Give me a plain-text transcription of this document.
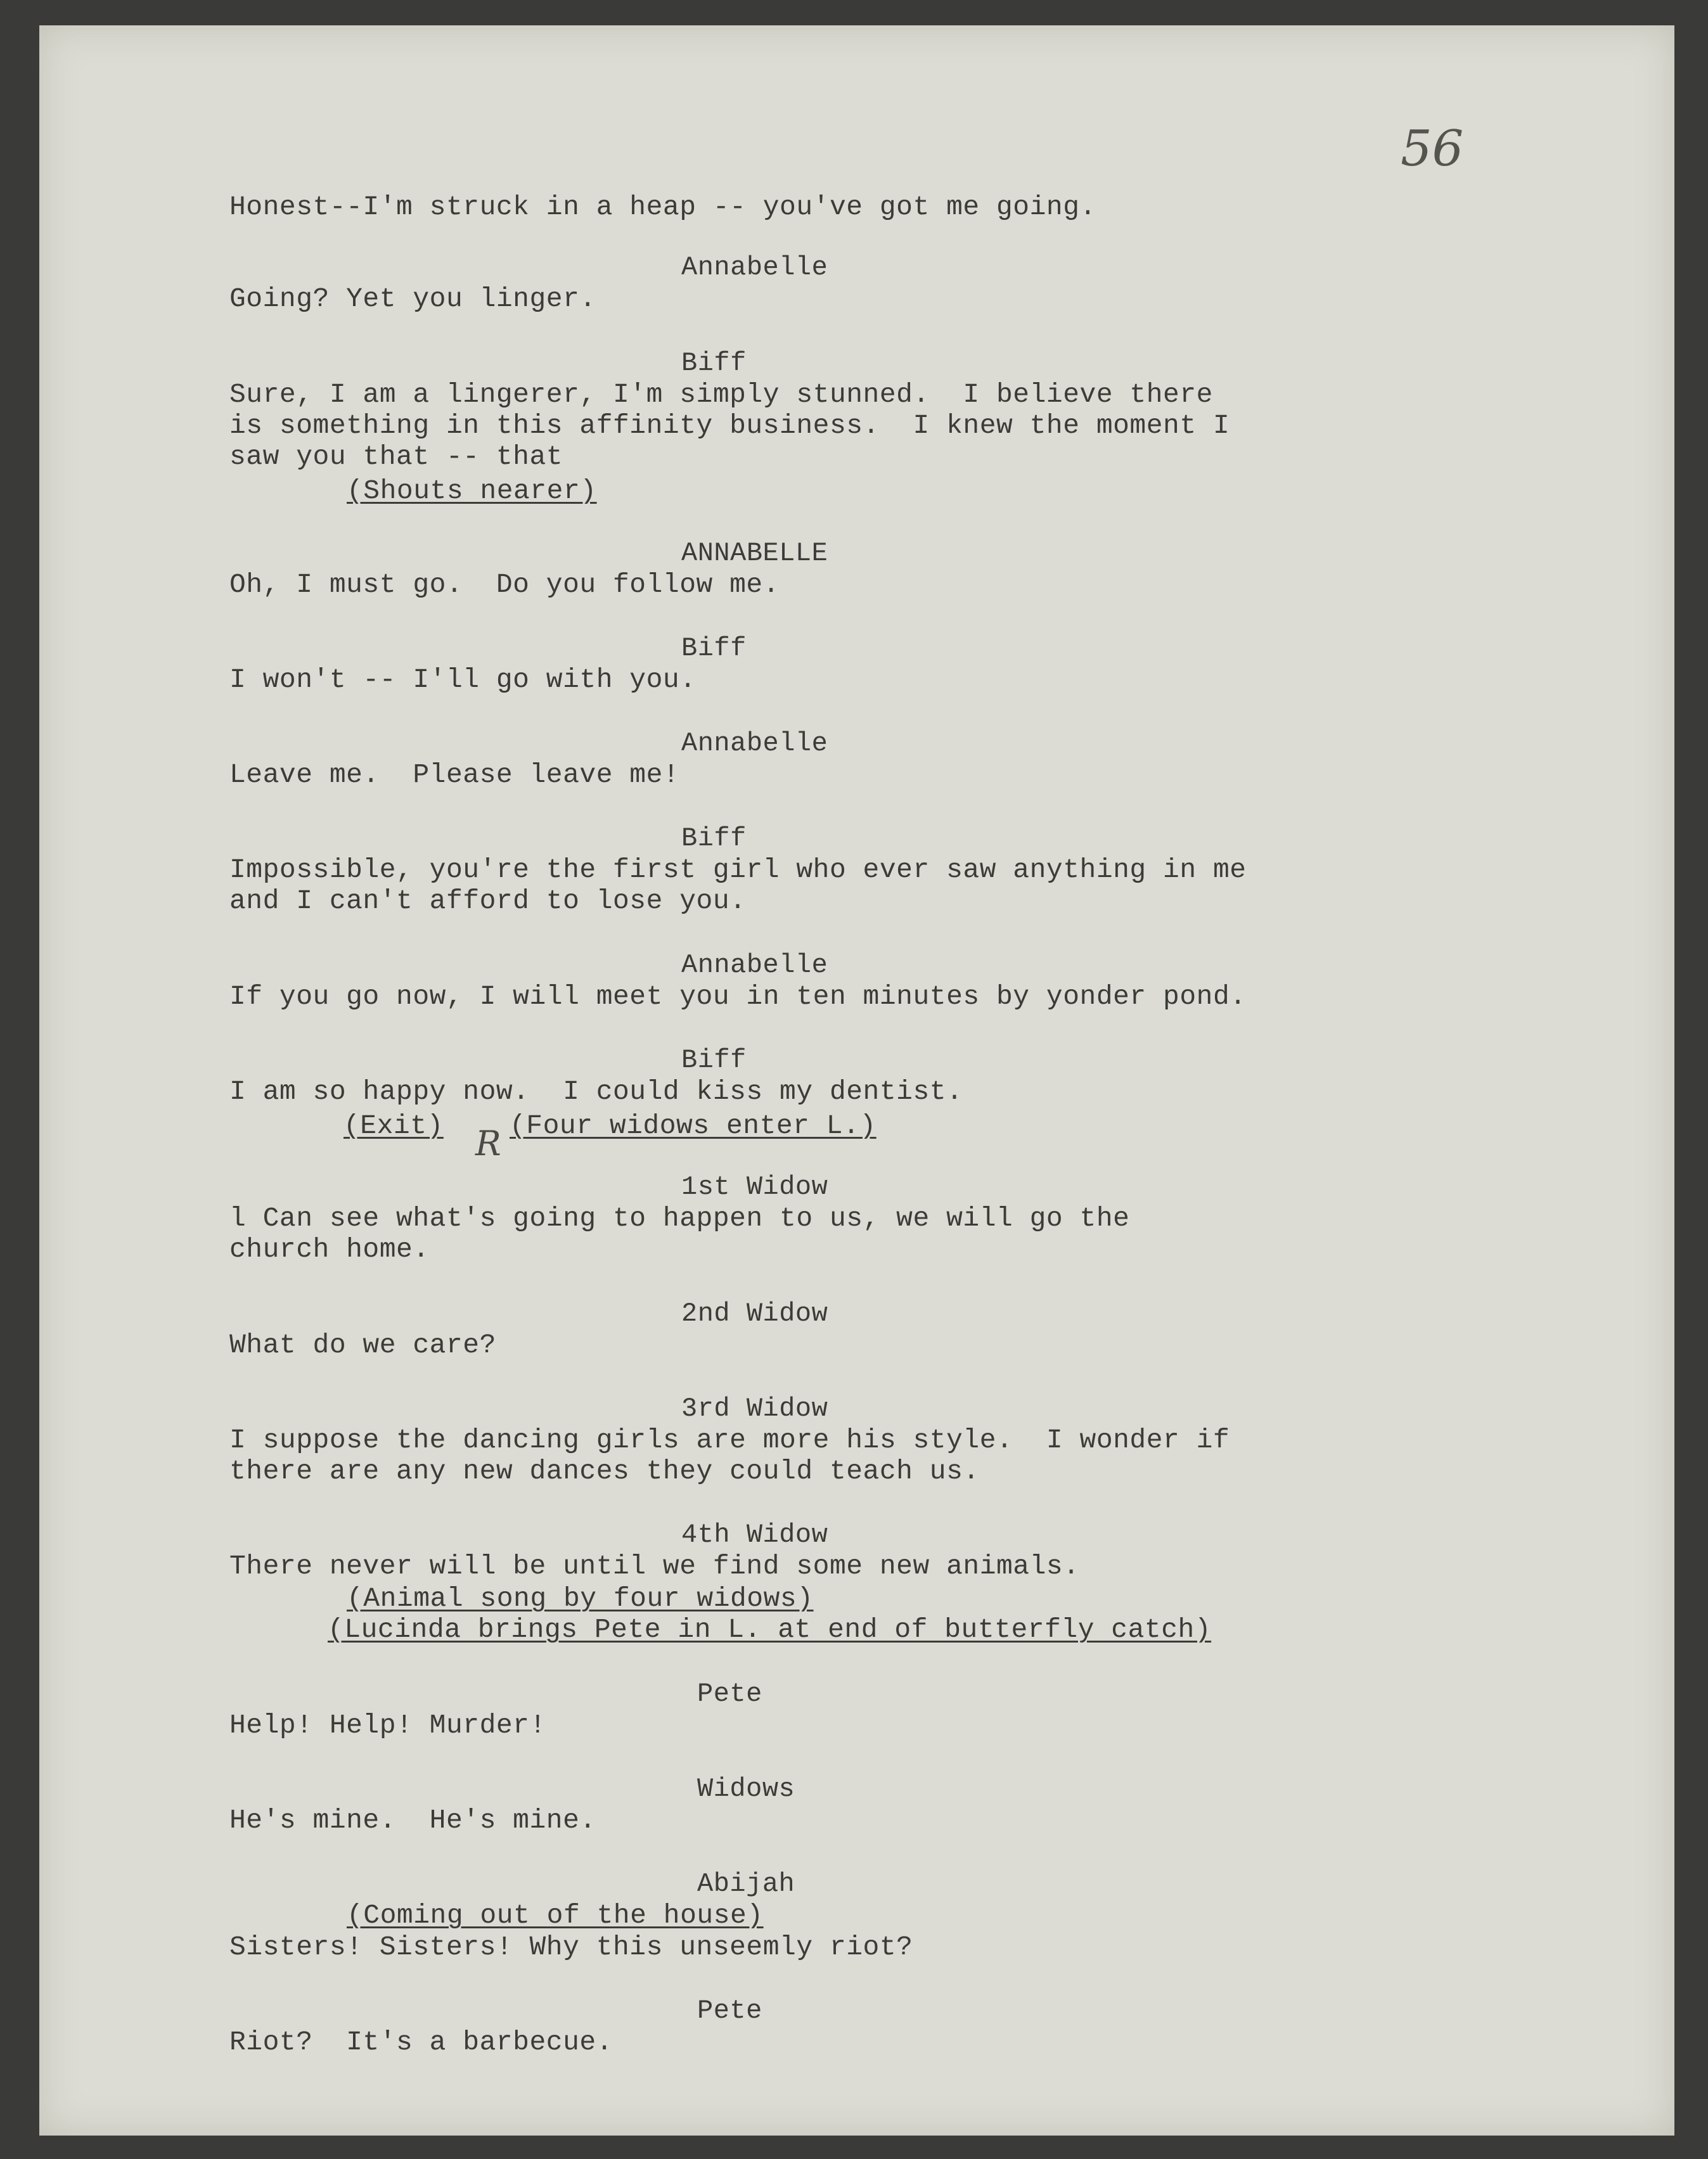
56
Honest--I'm struck in a heap -- you've got me going.
Annabelle
Going? Yet you linger.
Biff
Sure, I am a lingerer, I'm simply stunned.  I believe there
is something in this affinity business.  I knew the moment I
saw you that -- that
(Shouts nearer)
ANNABELLE
Oh, I must go.  Do you follow me.
Biff
I won't -- I'll go with you.
Annabelle
Leave me.  Please leave me!
Biff
Impossible, you're the first girl who ever saw anything in me
and I can't afford to lose you.
Annabelle
If you go now, I will meet you in ten minutes by yonder pond.
Biff
I am so happy now.  I could kiss my dentist.
(Exit) R (Four widows enter L.)
1st Widow
l Can see what's going to happen to us, we will go the
church home.
2nd Widow
What do we care?
3rd Widow
I suppose the dancing girls are more his style.  I wonder if
there are any new dances they could teach us.
4th Widow
There never will be until we find some new animals.
(Animal song by four widows)
(Lucinda brings Pete in L. at end of butterfly catch)
Pete
Help! Help! Murder!
Widows
He's mine.  He's mine.
Abijah
(Coming out of the house)
Sisters! Sisters! Why this unseemly riot?
Pete
Riot?  It's a barbecue.
